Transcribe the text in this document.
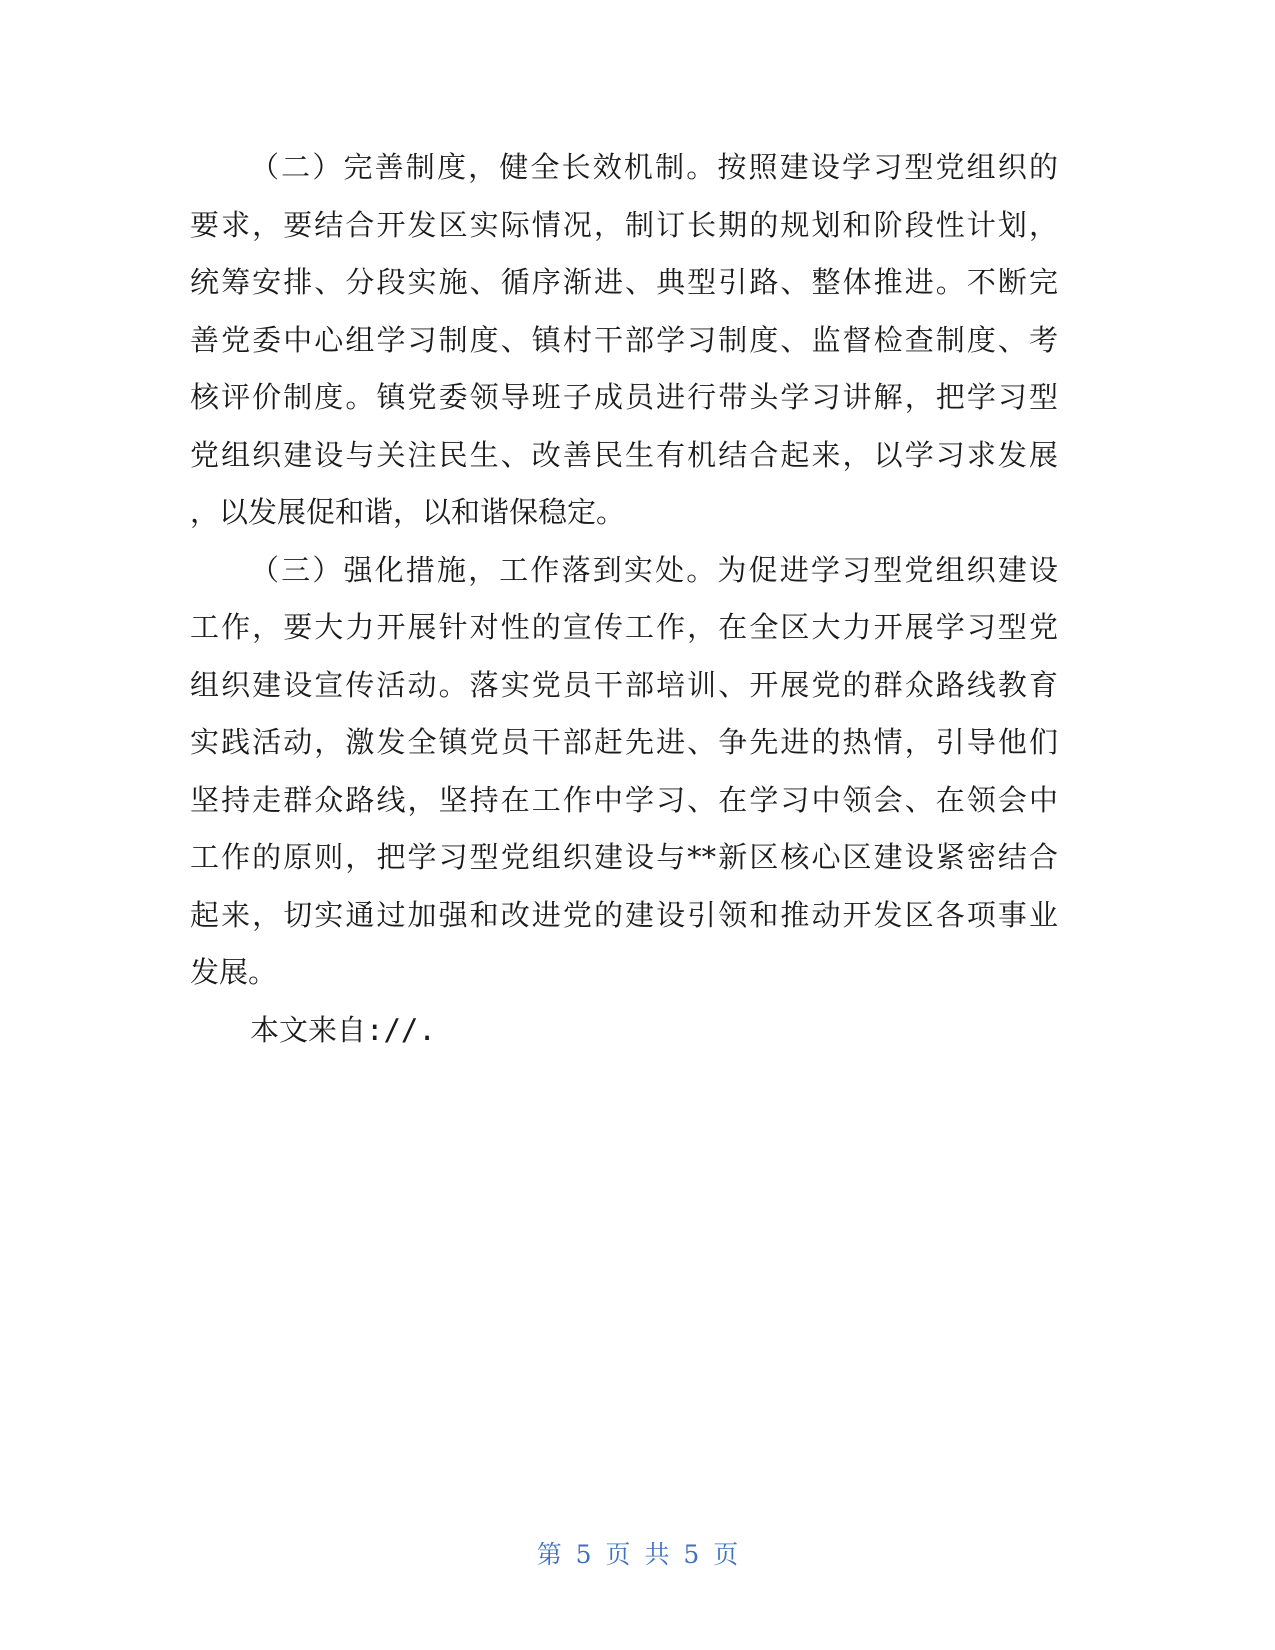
（二）完善制度，健全长效机制。按照建设学习型党组织的
要求，要结合开发区实际情况，制订长期的规划和阶段性计划，
统筹安排、分段实施、循序渐进、典型引路、整体推进。不断完
善党委中心组学习制度、镇村干部学习制度、监督检查制度、考
核评价制度。镇党委领导班子成员进行带头学习讲解，把学习型
党组织建设与关注民生、改善民生有机结合起来，以学习求发展
，以发展促和谐，以和谐保稳定。
（三）强化措施，工作落到实处。为促进学习型党组织建设
工作，要大力开展针对性的宣传工作，在全区大力开展学习型党
组织建设宣传活动。落实党员干部培训、开展党的群众路线教育
实践活动，激发全镇党员干部赶先进、争先进的热情，引导他们
坚持走群众路线，坚持在工作中学习、在学习中领会、在领会中
工作的原则，把学习型党组织建设与**新区核心区建设紧密结合
起来，切实通过加强和改进党的建设引领和推动开发区各项事业
发展。
本文来自://.
第 5 页 共 5 页
